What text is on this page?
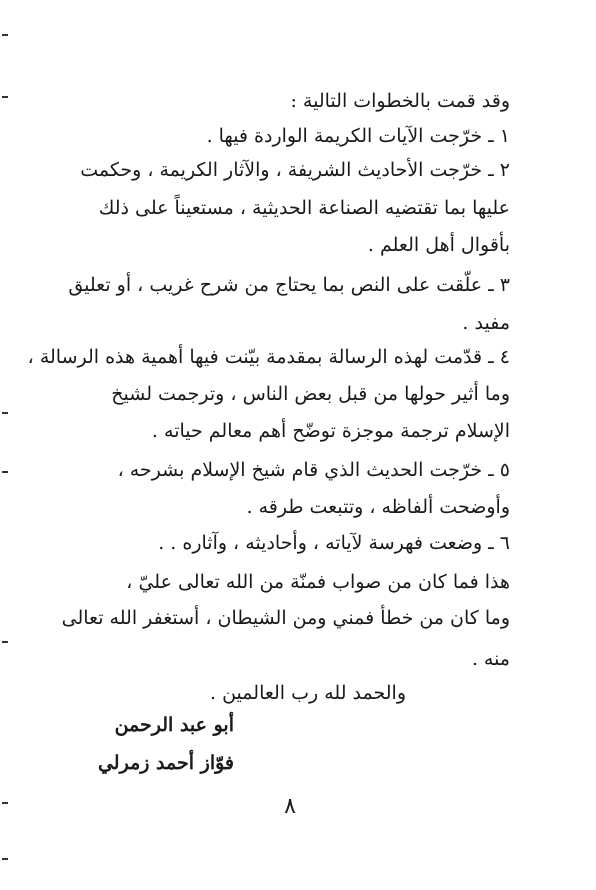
وقد قمت بالخطوات التالية :
١ ـ خرّجت الآيات الكريمة الواردة فيها .
٢ ـ خرّجت الأحاديث الشريفة ، والآثار الكريمة ، وحكمت
عليها بما تقتضيه الصناعة الحديثية ، مستعيناً على ذلك
بأقوال أهل العلم .
٣ ـ علّقت على النص بما يحتاج من شرح غريب ، أو تعليق
مفيد .
٤ ـ قدّمت لهذه الرسالة بمقدمة بيّنت فيها أهمية هذه الرسالة ،
وما أثير حولها من قبل بعض الناس ، وترجمت لشيخ
الإسلام ترجمة موجزة توضّح أهم معالم حياته .
٥ ـ خرّجت الحديث الذي قام شيخ الإسلام بشرحه ،
وأوضحت ألفاظه ، وتتبعت طرقه .
٦ ـ وضعت فهرسة لآياته ، وأحاديثه ، وآثاره . .
هذا فما كان من صواب فمنّة من الله تعالى عليّ ،
وما كان من خطأ فمني ومن الشيطان ، أستغفر الله تعالى
منه .
والحمد لله رب العالمين .
أبو عبد الرحمن
فوّاز أحمد زمرلي
٨
